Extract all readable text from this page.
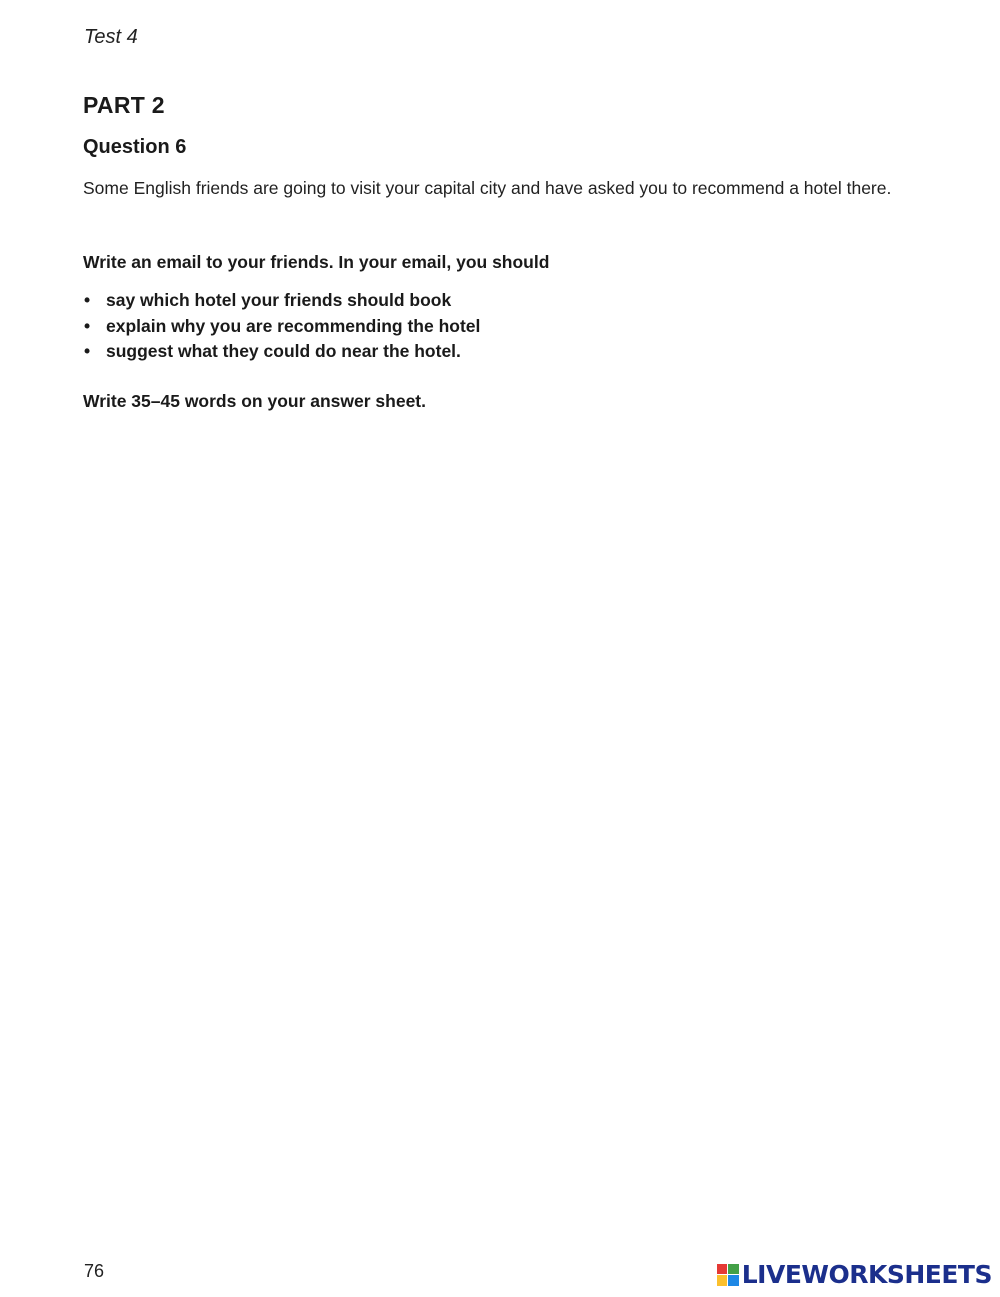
Test 4
PART 2
Question 6
Some English friends are going to visit your capital city and have asked you to recommend a hotel there.
Write an email to your friends. In your email, you should
• say which hotel your friends should book
• explain why you are recommending the hotel
• suggest what they could do near the hotel.
Write 35–45 words on your answer sheet.
76	LIVEWORKSHEETS
